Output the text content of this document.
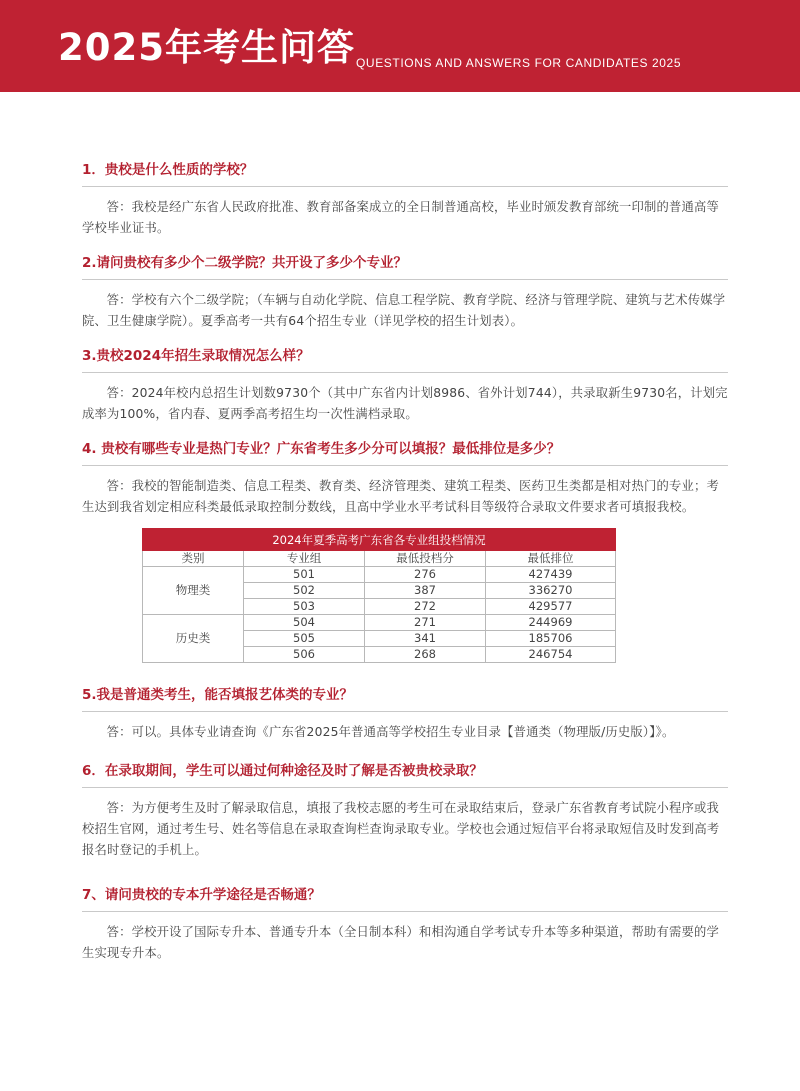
2025年考生问答 QUESTIONS AND ANSWERS FOR CANDIDATES 2025
1．贵校是什么性质的学校？

答：我校是经广东省人民政府批准、教育部备案成立的全日制普通高校，毕业时颁发教育部统一印制的普通高等学校毕业证书。

2.请问贵校有多少个二级学院？共开设了多少个专业？

答：学校有六个二级学院；（车辆与自动化学院、信息工程学院、教育学院、经济与管理学院、建筑与艺术传媒学院、卫生健康学院）。夏季高考一共有64个招生专业（详见学校的招生计划表）。

3.贵校2024年招生录取情况怎么样？

答：2024年校内总招生计划数9730个（其中广东省内计划8986、省外计划744），共录取新生9730名，计划完成率为100%，省内春、夏两季高考招生均一次性满档录取。

4. 贵校有哪些专业是热门专业？广东省考生多少分可以填报？最低排位是多少？

答：我校的智能制造类、信息工程类、教育类、经济管理类、建筑工程类、医药卫生类都是相对热门的专业；考生达到我省划定相应科类最低录取控制分数线，且高中学业水平考试科目等级符合录取文件要求者可填报我校。

2024年夏季高考广东省各专业组投档情况			
类别	专业组	最低投档分	最低排位
物理类	501	276	427439
	502	387	336270
	503	272	429577
历史类	504	271	244969
	505	341	185706
	506	268	246754
5.我是普通类考生，能否填报艺体类的专业？

答：可以。具体专业请查询《广东省2025年普通高等学校招生专业目录【普通类（物理版/历史版）】》。

6．在录取期间，学生可以通过何种途径及时了解是否被贵校录取？

答：为方便考生及时了解录取信息，填报了我校志愿的考生可在录取结束后，登录广东省教育考试院小程序或我校招生官网，通过考生号、姓名等信息在录取查询栏查询录取专业。学校也会通过短信平台将录取短信及时发到高考报名时登记的手机上。

7、请问贵校的专本升学途径是否畅通？

答：学校开设了国际专升本、普通专升本（全日制本科）和相沟通自学考试专升本等多种渠道，帮助有需要的学生实现专升本。
